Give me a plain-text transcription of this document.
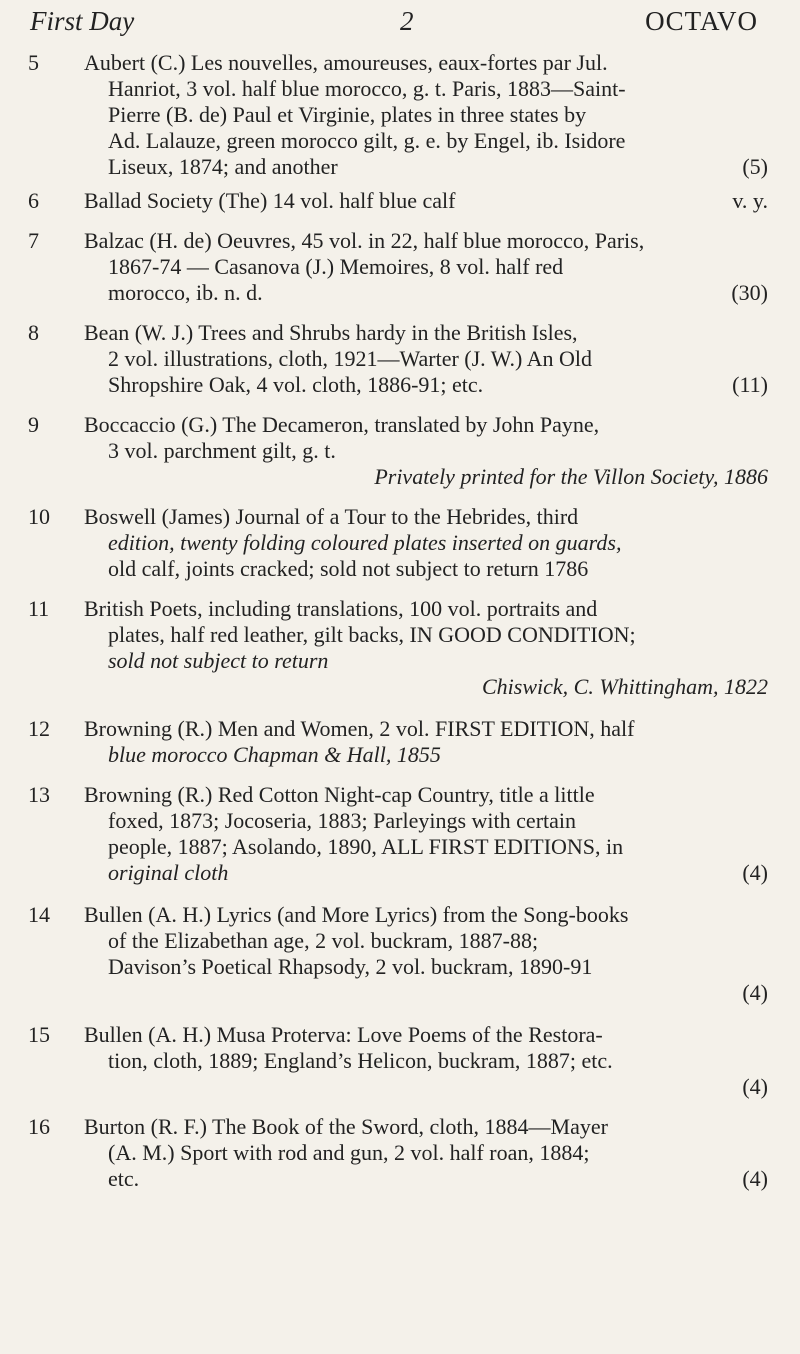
First Day	2	OCTAVO
5	Aubert (C.) Les nouvelles, amoureuses, eaux-fortes par Jul.
Hanriot, 3 vol. half blue morocco, g. t. Paris, 1883—Saint-
Pierre (B. de) Paul et Virginie, plates in three states by
Ad. Lalauze, green morocco gilt, g. e. by Engel, ib. Isidore
Liseux, 1874; and another	(5)
6	Ballad Society (The) 14 vol. half blue calf	v. y.
7	Balzac (H. de) Oeuvres, 45 vol. in 22, half blue morocco, Paris,
1867-74 — Casanova (J.) Memoires, 8 vol. half red
morocco, ib. n. d.	(30)
8	Bean (W. J.) Trees and Shrubs hardy in the British Isles,
2 vol. illustrations, cloth, 1921—Warter (J. W.) An Old
Shropshire Oak, 4 vol. cloth, 1886-91; etc.	(11)
9	Boccaccio (G.) The Decameron, translated by John Payne,
3 vol. parchment gilt, g. t.
Privately printed for the Villon Society, 1886
10	Boswell (James) Journal of a Tour to the Hebrides, third
edition, twenty folding coloured plates inserted on guards,
old calf, joints cracked; sold not subject to return 1786
11	British Poets, including translations, 100 vol. portraits and
plates, half red leather, gilt backs, IN GOOD CONDITION;
sold not subject to return
Chiswick, C. Whittingham, 1822
12	Browning (R.) Men and Women, 2 vol. FIRST EDITION, half
blue morocco Chapman & Hall, 1855
13	Browning (R.) Red Cotton Night-cap Country, title a little
foxed, 1873; Jocoseria, 1883; Parleyings with certain
people, 1887; Asolando, 1890, ALL FIRST EDITIONS, in
original cloth	(4)
14	Bullen (A. H.) Lyrics (and More Lyrics) from the Song-books
of the Elizabethan age, 2 vol. buckram, 1887-88;
Davison’s Poetical Rhapsody, 2 vol. buckram, 1890-91
(4)
15	Bullen (A. H.) Musa Proterva: Love Poems of the Restora-
tion, cloth, 1889; England’s Helicon, buckram, 1887; etc.
(4)
16	Burton (R. F.) The Book of the Sword, cloth, 1884—Mayer
(A. M.) Sport with rod and gun, 2 vol. half roan, 1884;
etc.	(4)
